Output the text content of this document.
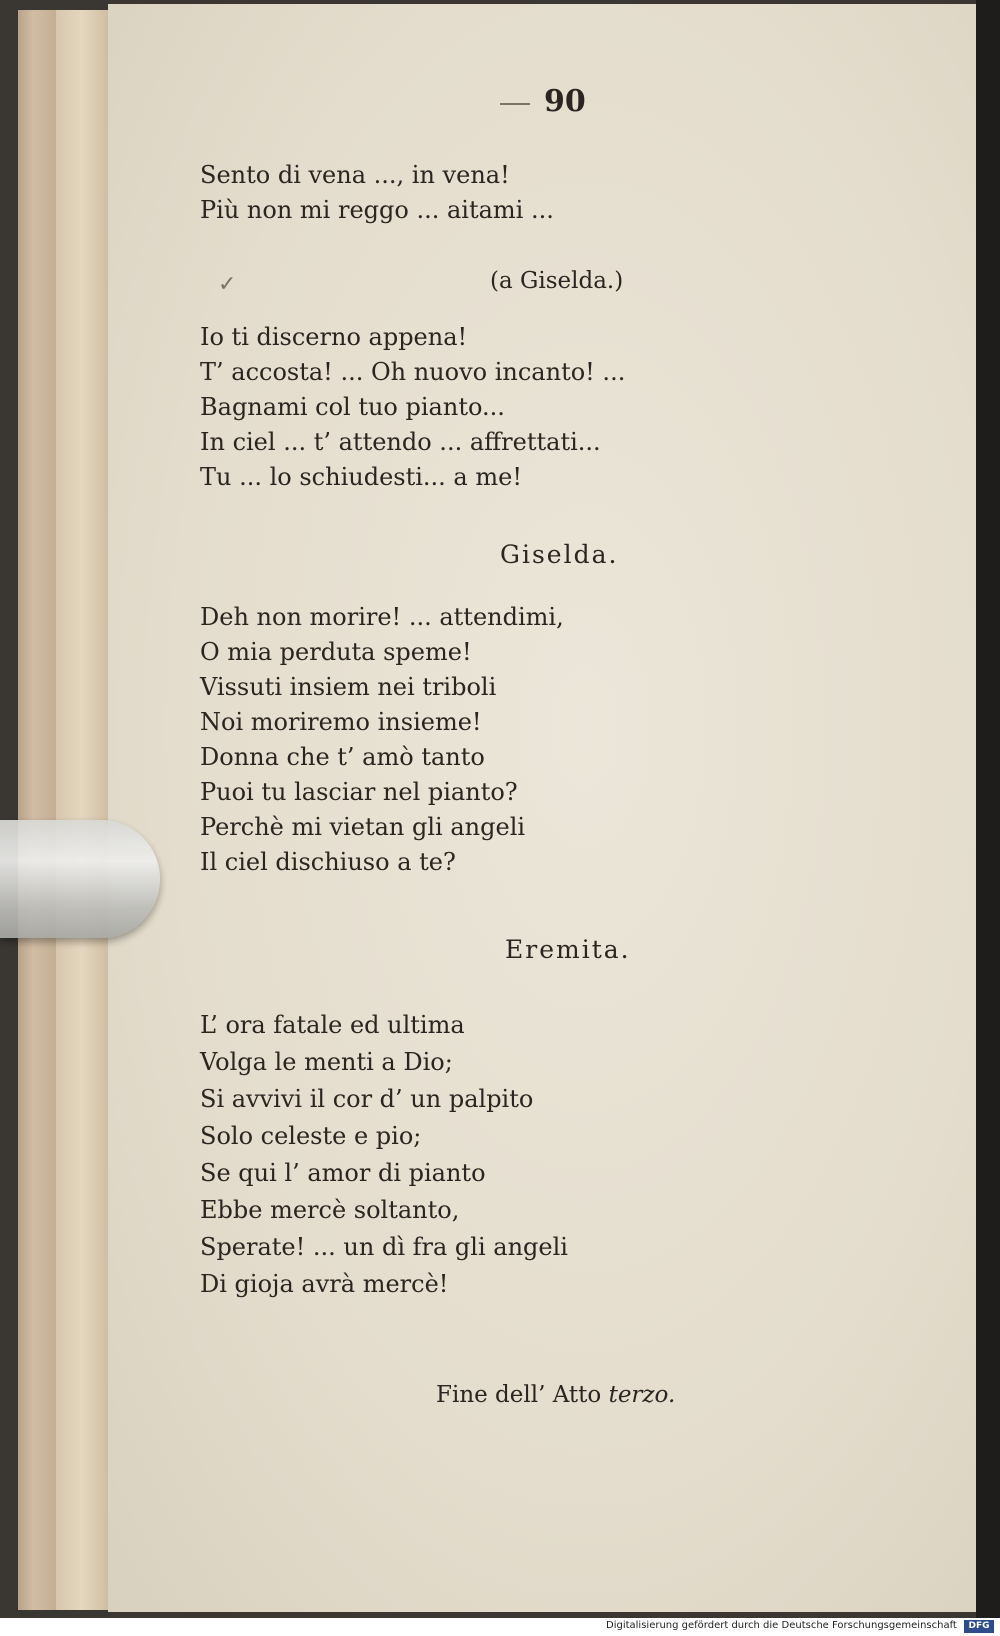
90
Sento di vena ..., in vena!
Più non mi reggo ... aitami ...
✓	(a Giselda.)
Io ti discerno appena!
T’ accosta! ... Oh nuovo incanto! ...
Bagnami col tuo pianto...
In ciel ... t’ attendo ... affrettati...
Tu ... lo schiudesti... a me!
Giselda.
Deh non morire! ... attendimi,
O mia perduta speme!
Vissuti insiem nei triboli
Noi moriremo insieme!
Donna che t’ amò tanto
Puoi tu lasciar nel pianto?
Perchè mi vietan gli angeli
Il ciel dischiuso a te?
Eremita.
L’ ora fatale ed ultima
Volga le menti a Dio;
Si avvivi il cor d’ un palpito
Solo celeste e pio;
Se qui l’ amor di pianto
Ebbe mercè soltanto,
Sperate! ... un dì fra gli angeli
Di gioja avrà mercè!
Fine dell’ Atto terzo.
Digitalisierung gefördert durch die Deutsche Forschungsgemeinschaft	DFG
